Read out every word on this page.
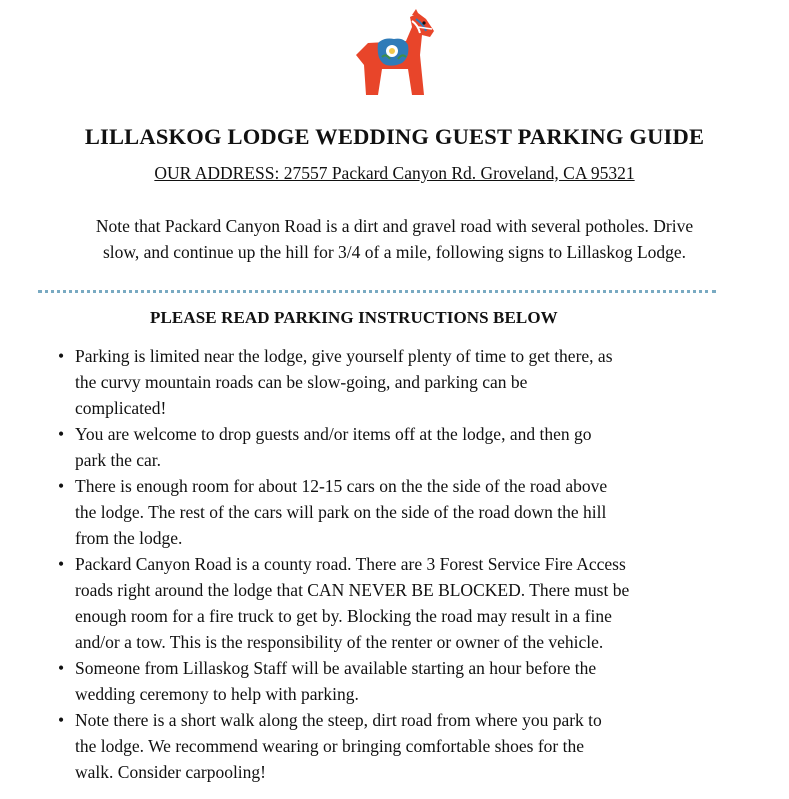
LILLASKOG LODGE WEDDING GUEST PARKING GUIDE
OUR ADDRESS: 27557 Packard Canyon Rd. Groveland, CA 95321
Note that Packard Canyon Road is a dirt and gravel road with several potholes. Drive
slow, and continue up the hill for 3/4 of a mile, following signs to Lillaskog Lodge.
PLEASE READ PARKING INSTRUCTIONS BELOW
• Parking is limited near the lodge, give yourself plenty of time to get there, as
the curvy mountain roads can be slow-going, and parking can be
complicated!
• You are welcome to drop guests and/or items off at the lodge, and then go
park the car.
• There is enough room for about 12-15 cars on the the side of the road above
the lodge. The rest of the cars will park on the side of the road down the hill
from the lodge.
• Packard Canyon Road is a county road. There are 3 Forest Service Fire Access
roads right around the lodge that CAN NEVER BE BLOCKED. There must be
enough room for a fire truck to get by. Blocking the road may result in a fine
and/or a tow. This is the responsibility of the renter or owner of the vehicle.
• Someone from Lillaskog Staff will be available starting an hour before the
wedding ceremony to help with parking.
• Note there is a short walk along the steep, dirt road from where you park to
the lodge. We recommend wearing or bringing comfortable shoes for the
walk. Consider carpooling!
